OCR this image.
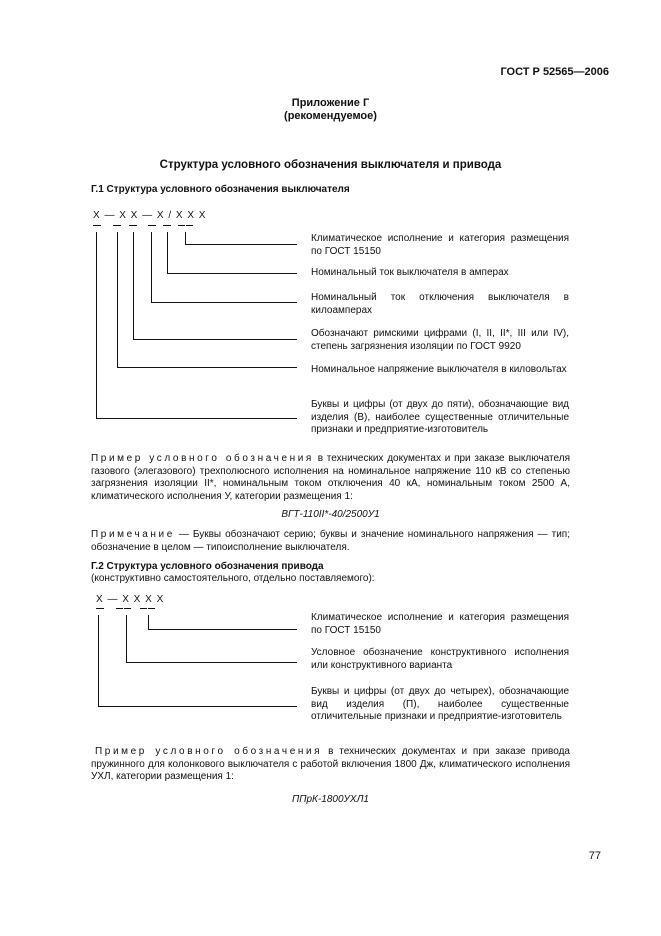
ГОСТ Р 52565—2006
Приложение Г
(рекомендуемое)
Структура условного обозначения выключателя и привода
Г.1 Структура условного обозначения выключателя
Х — Х Х — Х / Х Х Х
Климатическое исполнение и категория размещения по ГОСТ 15150
Номинальный ток выключателя в амперах
Номинальный ток отключения выключателя в килоамперах
Обозначают римскими цифрами (I, II, II*, III или IV), степень загрязнения изоляции по ГОСТ 9920
Номинальное напряжение выключателя в киловольтах
Буквы и цифры (от двух до пяти), обозначающие вид изделия (В), наиболее существенные отличительные признаки и предприятие-изготовитель
Пример условного обозначения в технических документах и при заказе выключателя газового (элегазового) трехполюсного исполнения на номинальное напряжение 110 кВ со степенью загрязнения изоляции II*, номинальным током отключения 40 кА, номинальным током 2500 А, климатического исполнения У, категории размещения 1:
ВГТ-110II*-40/2500У1
Примечание — Буквы обозначают серию; буквы и значение номинального напряжения — тип; обозначение в целом — типоисполнение выключателя.
Г.2 Структура условного обозначения привода
(конструктивно самостоятельного, отдельно поставляемого):
Х — Х Х Х Х
Климатическое исполнение и категория размещения по ГОСТ 15150
Условное обозначение конструктивного исполнения или конструктивного варианта
Буквы и цифры (от двух до четырех), обозначающие вид изделия (П), наиболее существенные отличительные признаки и предприятие-изготовитель
Пример условного обозначения в технических документах и при заказе привода пружинного для колонкового выключателя с работой включения 1800 Дж, климатического исполнения УХЛ, категории размещения 1:
ППрК-1800УХЛ1
77
